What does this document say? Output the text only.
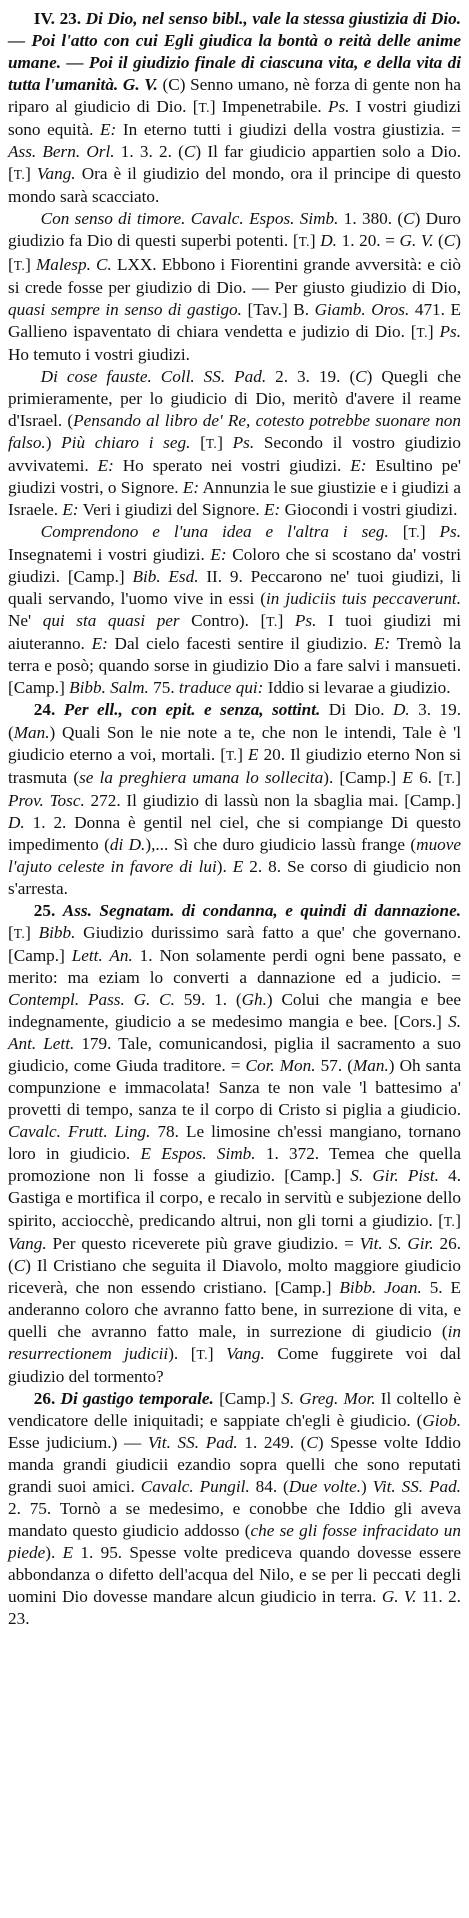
IV. 23. Di Dio, nel senso bibl., vale la stessa giustizia di Dio. — Poi l'atto con cui Egli giudica la bontà o reità delle anime umane. — Poi il giudizio finale di ciascuna vita, e della vita di tutta l'umanità. G. V. (C) Senno umano, nè forza di gente non ha riparo al giudicio di Dio. [T.] Impenetrabile. Ps. I vostri giudizi sono equità. E: In eterno tutti i giudizi della vostra giustizia. = Ass. Bern. Orl. 1. 3. 2. (C) Il far giudicio appartien solo a Dio. [T.] Vang. Ora è il giudizio del mondo, ora il principe di questo mondo sarà scacciato.

Con senso di timore. Cavalc. Espos. Simb. 1. 380. (C) Duro giudizio fa Dio di questi superbi potenti. [T.] D. 1. 20. = G. V. (C) [T.] Malesp. C. LXX. Ebbono i Fiorentini grande avversità: e ciò si crede fosse per giudizio di Dio. — Per giusto giudizio di Dio, quasi sempre in senso di gastigo. [Tav.] B. Giamb. Oros. 471. E Gallieno ispaventato di chiara vendetta e judizio di Dio. [T.] Ps. Ho temuto i vostri giudizi.

Di cose fauste. Coll. SS. Pad. 2. 3. 19. (C) Quegli che primieramente, per lo giudicio di Dio, meritò d'avere il reame d'Israel. (Pensando al libro de' Re, cotesto potrebbe suonare non falso.) Più chiaro i seg. [T.] Ps. Secondo il vostro giudizio avvivatemi. E: Ho sperato nei vostri giudizi. E: Esultino pe' giudizi vostri, o Signore. E: Annunzia le sue giustizie e i giudizi a Israele. E: Veri i giudizi del Signore. E: Giocondi i vostri giudizi.

Comprendono e l'una idea e l'altra i seg. [T.] Ps. Insegnatemi i vostri giudizi. E: Coloro che si scostano da' vostri giudizi. [Camp.] Bib. Esd. II. 9. Peccarono ne' tuoi giudizi, li quali servando, l'uomo vive in essi (in judiciis tuis peccaverunt. Ne' qui sta quasi per Contro). [T.] Ps. I tuoi giudizi mi aiuteranno. E: Dal cielo facesti sentire il giudizio. E: Tremò la terra e posò; quando sorse in giudizio Dio a fare salvi i mansueti. [Camp.] Bibb. Salm. 75. traduce qui: Iddio si levarae a giudizio.

24. Per ell., con epit. e senza, sottint. Di Dio. D. 3. 19. (Man.) Quali Son le nie note a te, che non le intendi, Tale è 'l giudicio eterno a voi, mortali. [T.] E 20. Il giudizio eterno Non si trasmuta (se la preghiera umana lo sollecita). [Camp.] E 6. [T.] Prov. Tosc. 272. Il giudizio di lassù non la sbaglia mai. [Camp.] D. 1. 2. Donna è gentil nel ciel, che si compiange Di questo impedimento (di D.),... Sì che duro giudicio lassù frange (muove l'ajuto celeste in favore di lui). E 2. 8. Se corso di giudicio non s'arresta.

25. Ass. Segnatam. di condanna, e quindi di dannazione. [T.] Bibb. Giudizio durissimo sarà fatto a que' che governano. [Camp.] Lett. An. 1. Non solamente perdi ogni bene passato, e merito: ma eziam lo converti a dannazione ed a judicio. = Contempl. Pass. G. C. 59. 1. (Gh.) Colui che mangia e bee indegnamente, giudicio a se medesimo mangia e bee. [Cors.] S. Ant. Lett. 179. Tale, comunicandosi, piglia il sacramento a suo giudicio, come Giuda traditore. = Cor. Mon. 57. (Man.) Oh santa compunzione e immacolata! Sanza te non vale 'l battesimo a' provetti di tempo, sanza te il corpo di Cristo si piglia a giudicio. Cavalc. Frutt. Ling. 78. Le limosine ch'essi mangiano, tornano loro in giudicio. E Espos. Simb. 1. 372. Temea che quella promozione non li fosse a giudizio. [Camp.] S. Gir. Pist. 4. Gastiga e mortifica il corpo, e recalo in servitù e subjezione dello spirito, acciocchè, predicando altrui, non gli torni a giudizio. [T.] Vang. Per questo riceverete più grave giudizio. = Vit. S. Gir. 26. (C) Il Cristiano che seguita il Diavolo, molto maggiore giudicio riceverà, che non essendo cristiano. [Camp.] Bibb. Joan. 5. E anderanno coloro che avranno fatto bene, in surrezione di vita, e quelli che avranno fatto male, in surrezione di giudicio (in resurrectionem judicii). [T.] Vang. Come fuggirete voi dal giudizio del tormento?

26. Di gastigo temporale. [Camp.] S. Greg. Mor. Il coltello è vendicatore delle iniquitadi; e sappiate ch'egli è giudicio. (Giob. Esse judicium.) — Vit. SS. Pad. 1. 249. (C) Spesse volte Iddio manda grandi giudicii ezandio sopra quelli che sono reputati grandi suoi amici. Cavalc. Pungil. 84. (Due volte.) Vit. SS. Pad. 2. 75. Tornò a se medesimo, e conobbe che Iddio gli aveva mandato questo giudicio addosso (che se gli fosse infracidato un piede). E 1. 95. Spesse volte prediceva quando dovesse essere abbondanza o difetto dell'acqua del Nilo, e se per li peccati degli uomini Dio dovesse mandare alcun giudicio in terra. G. V. 11. 2. 23.
